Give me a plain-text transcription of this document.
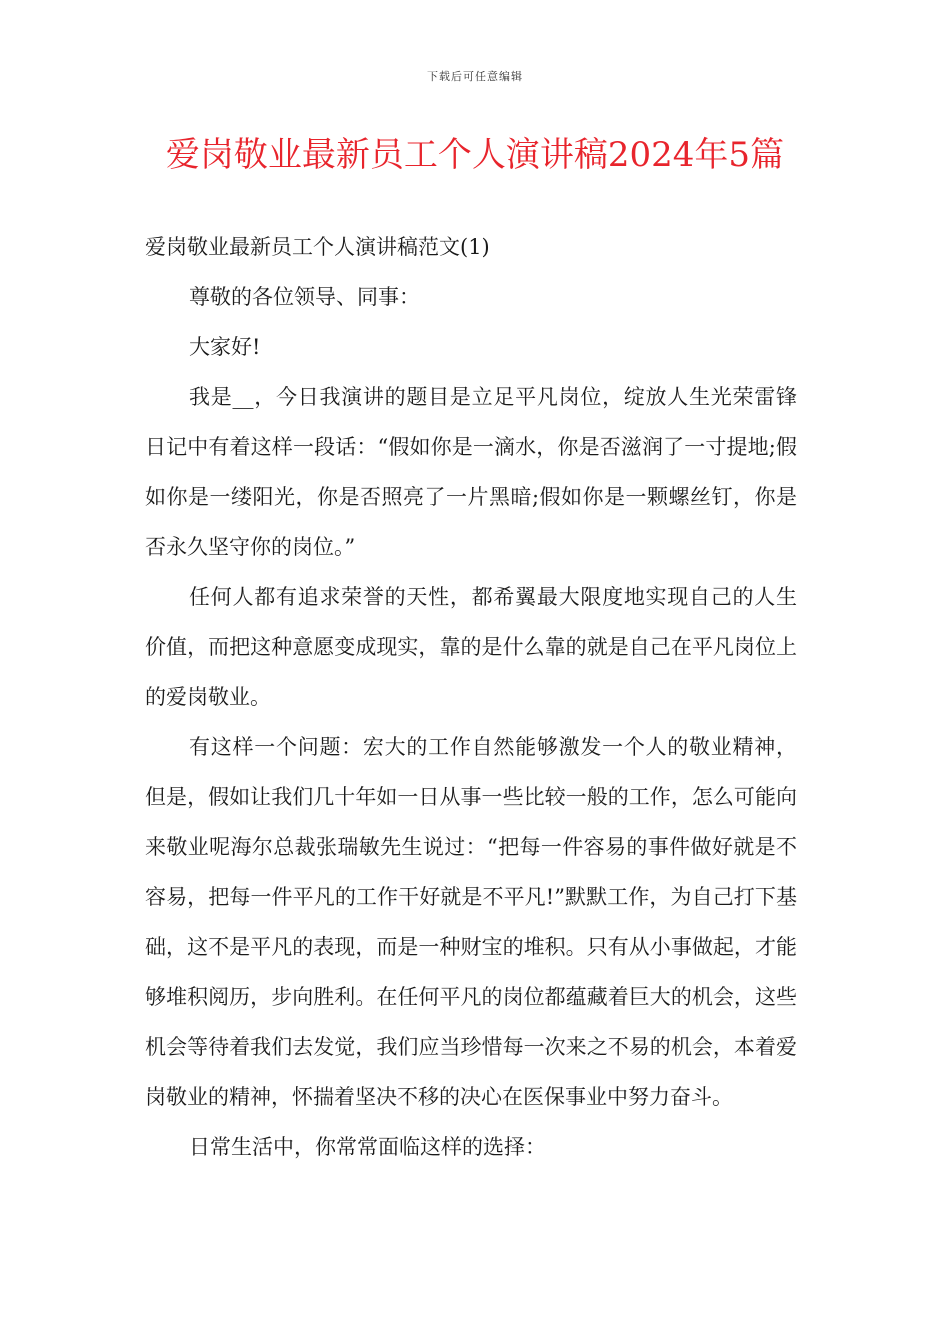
下载后可任意编辑
爱岗敬业最新员工个人演讲稿2024年5篇

爱岗敬业最新员工个人演讲稿范文(1)

尊敬的各位领导、同事：

大家好!

我是__，今日我演讲的题目是立足平凡岗位，绽放人生光荣雷锋日记中有着这样一段话：“假如你是一滴水，你是否滋润了一寸提地;假如你是一缕阳光，你是否照亮了一片黑暗;假如你是一颗螺丝钉，你是否永久坚守你的岗位。”

任何人都有追求荣誉的天性，都希翼最大限度地实现自己的人生价值，而把这种意愿变成现实，靠的是什么靠的就是自己在平凡岗位上的爱岗敬业。

有这样一个问题：宏大的工作自然能够激发一个人的敬业精神，但是，假如让我们几十年如一日从事一些比较一般的工作，怎么可能向来敬业呢海尔总裁张瑞敏先生说过：“把每一件容易的事件做好就是不容易，把每一件平凡的工作干好就是不平凡!”默默工作，为自己打下基础，这不是平凡的表现，而是一种财宝的堆积。只有从小事做起，才能够堆积阅历，步向胜利。在任何平凡的岗位都蕴藏着巨大的机会，这些机会等待着我们去发觉，我们应当珍惜每一次来之不易的机会，本着爱岗敬业的精神，怀揣着坚决不移的决心在医保事业中努力奋斗。

日常生活中，你常常面临这样的选择：
